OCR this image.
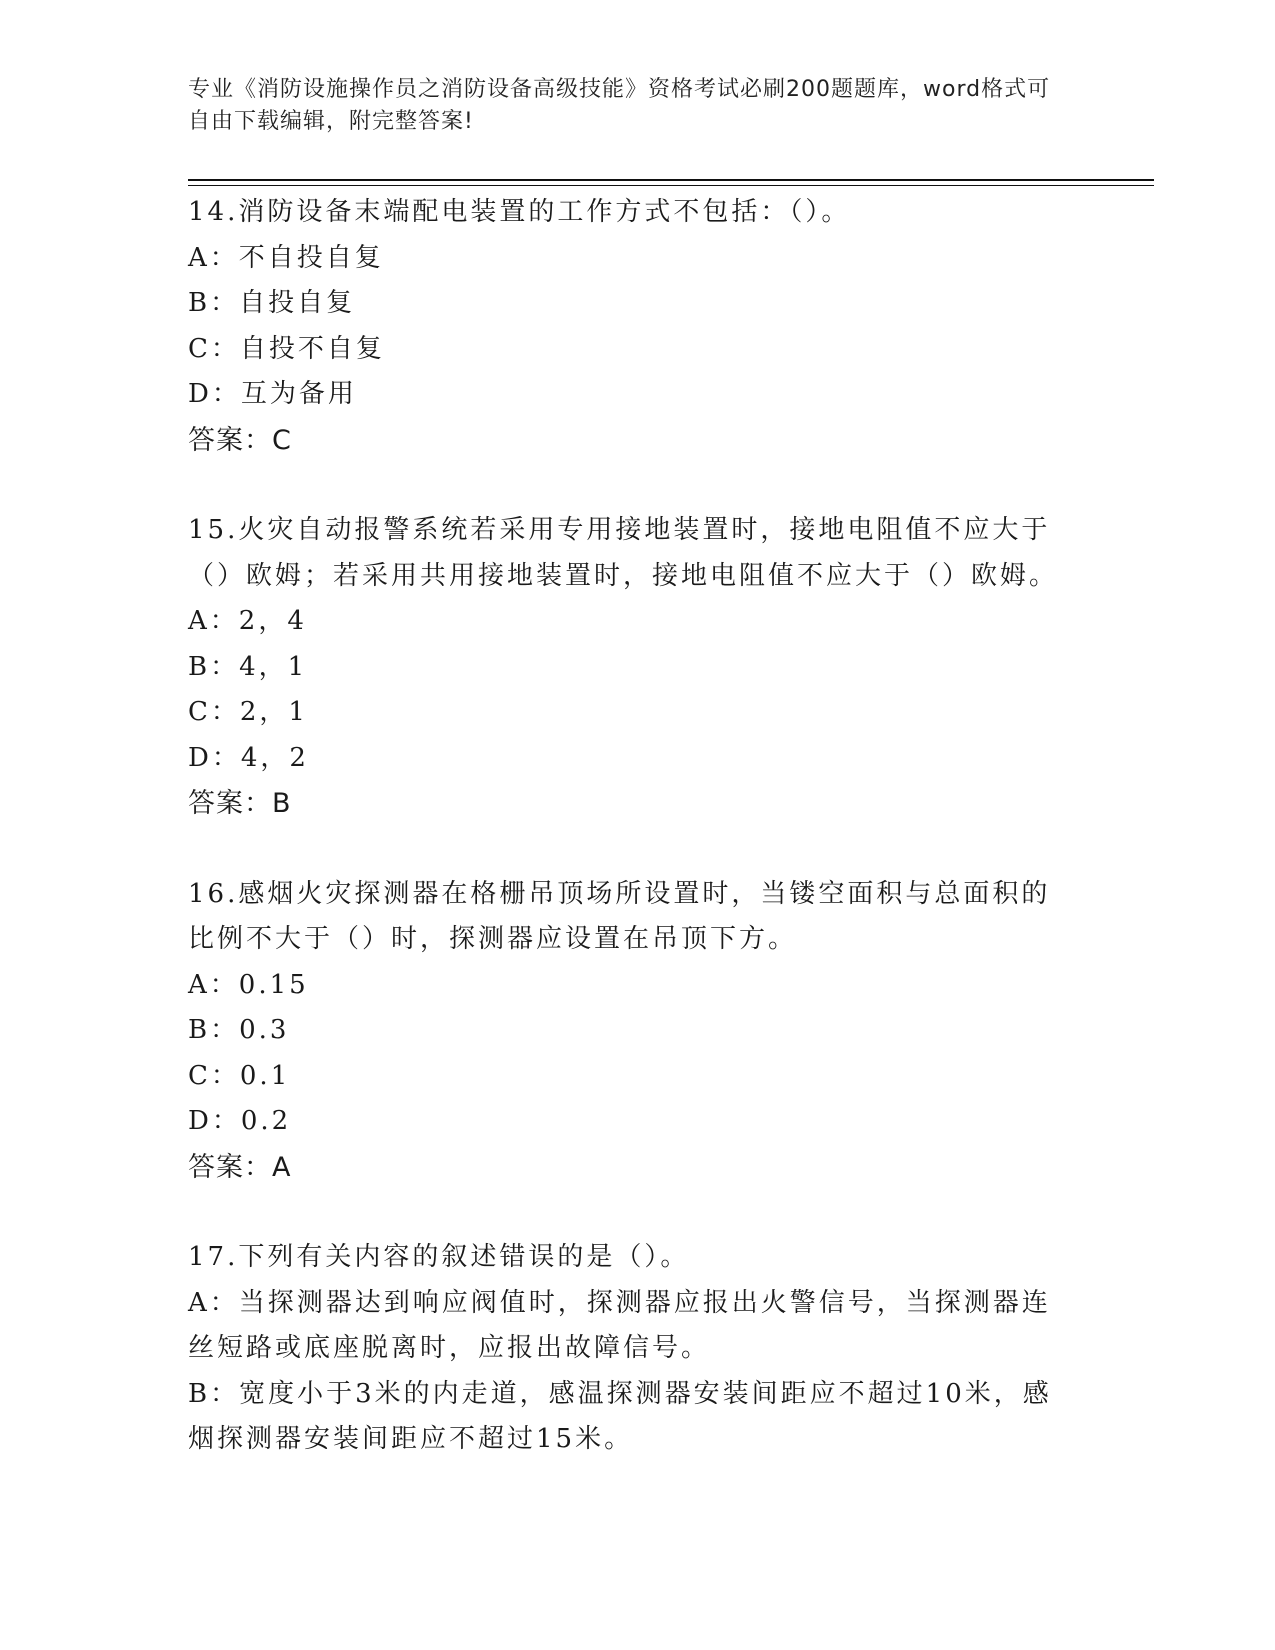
专业《消防设施操作员之消防设备高级技能》资格考试必刷200题题库，word格式可自由下载编辑，附完整答案!
14.消防设备末端配电装置的工作方式不包括：（）。
A：不自投自复
B：自投自复
C：自投不自复
D：互为备用
答案：C
15.火灾自动报警系统若采用专用接地装置时，接地电阻值不应大于（）欧姆；若采用共用接地装置时，接地电阻值不应大于（）欧姆。
A：2，4
B：4，1
C：2，1
D：4，2
答案：B
16.感烟火灾探测器在格栅吊顶场所设置时，当镂空面积与总面积的比例不大于（）时，探测器应设置在吊顶下方。
A：0.15
B：0.3
C：0.1
D：0.2
答案：A
17.下列有关内容的叙述错误的是（）。
A：当探测器达到响应阀值时，探测器应报出火警信号，当探测器连丝短路或底座脱离时，应报出故障信号。
B：宽度小于3米的内走道，感温探测器安装间距应不超过10米，感烟探测器安装间距应不超过15米。
